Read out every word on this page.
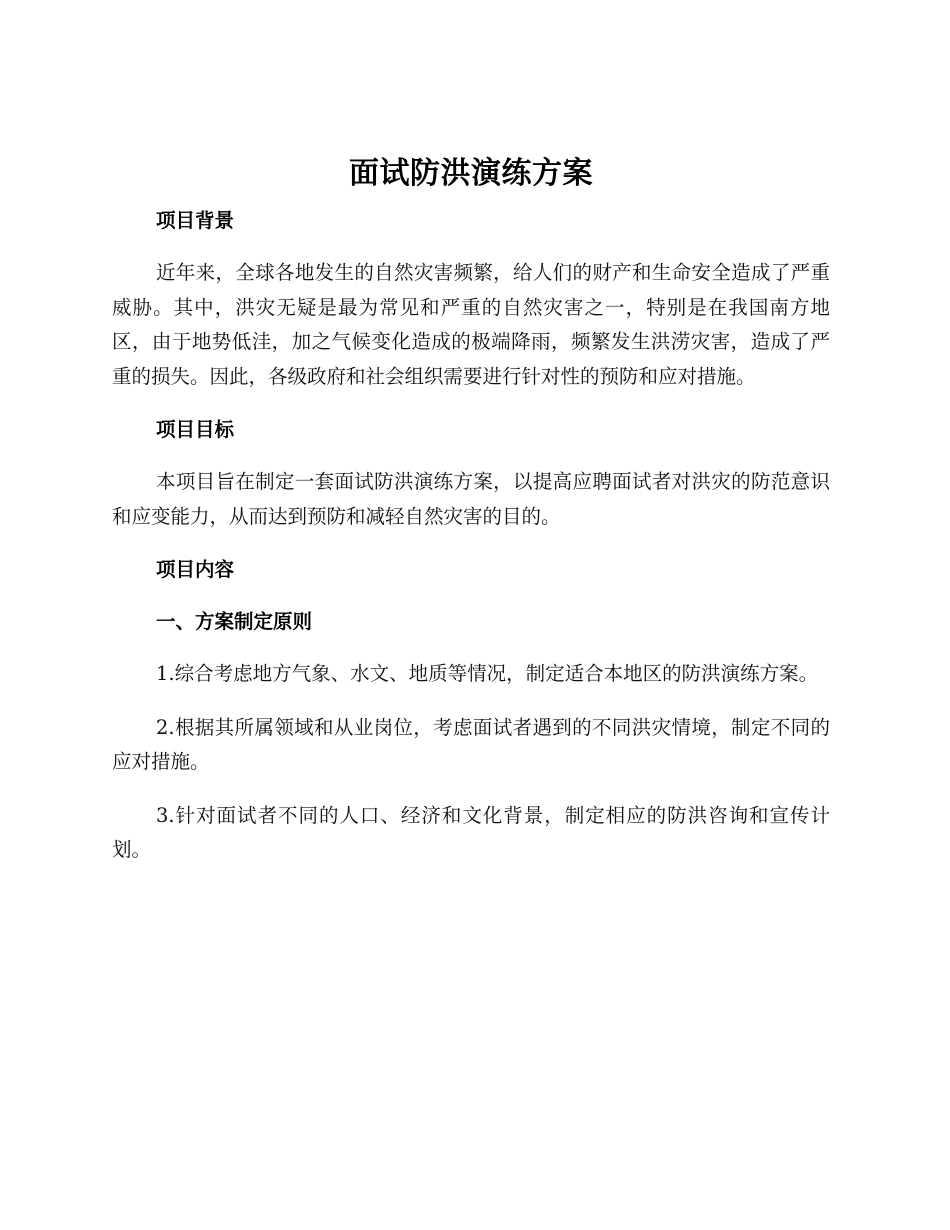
面试防洪演练方案
项目背景

近年来，全球各地发生的自然灾害频繁，给人们的财产和生命安全造成了严重威胁。其中，洪灾无疑是最为常见和严重的自然灾害之一，特别是在我国南方地区，由于地势低洼，加之气候变化造成的极端降雨，频繁发生洪涝灾害，造成了严重的损失。因此，各级政府和社会组织需要进行针对性的预防和应对措施。

项目目标

本项目旨在制定一套面试防洪演练方案，以提高应聘面试者对洪灾的防范意识和应变能力，从而达到预防和减轻自然灾害的目的。

项目内容
一、方案制定原则

1.综合考虑地方气象、水文、地质等情况，制定适合本地区的防洪演练方案。

2.根据其所属领域和从业岗位，考虑面试者遇到的不同洪灾情境，制定不同的应对措施。

3.针对面试者不同的人口、经济和文化背景，制定相应的防洪咨询和宣传计划。
